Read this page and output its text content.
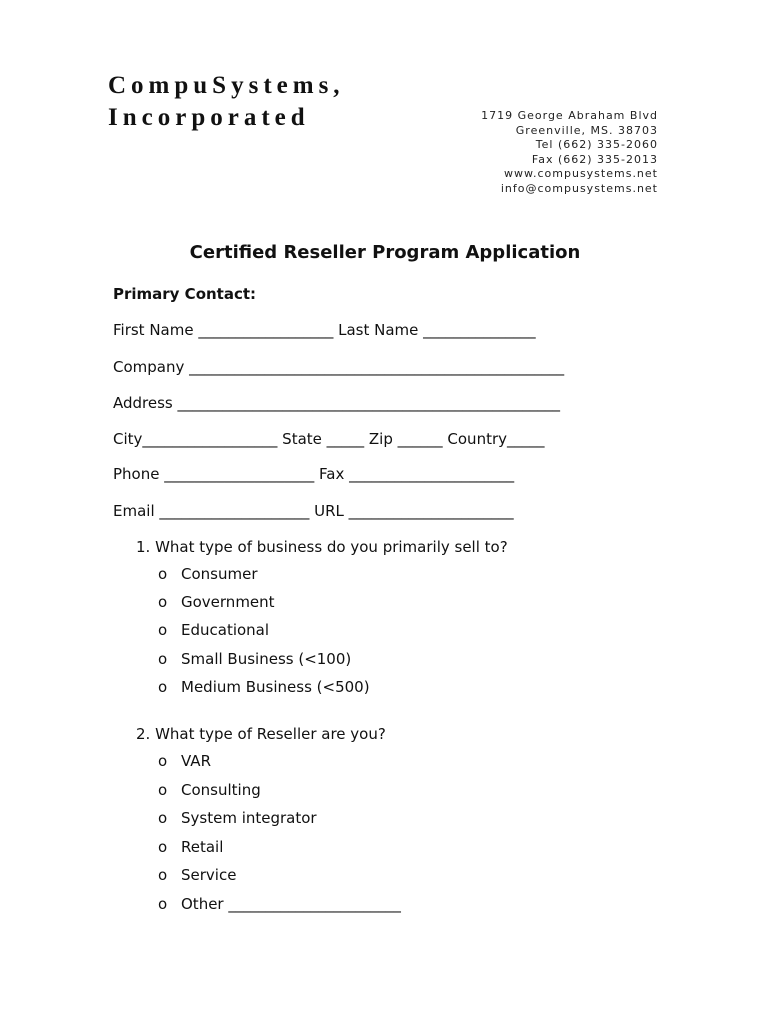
CompuSystems,
Incorporated	1719 George Abraham Blvd
Greenville, MS. 38703
Tel (662) 335-2060
Fax (662) 335-2013
www.compusystems.net
info@compusystems.net
Certified Reseller Program Application
Primary Contact:
First Name __________________ Last Name _______________
Company __________________________________________________
Address ___________________________________________________
City__________________ State _____ Zip ______ Country_____
Phone ____________________ Fax ______________________
Email ____________________ URL ______________________
1. What type of business do you primarily sell to?
o Consumer
o Government
o Educational
o Small Business (<100)
o Medium Business (<500)
2. What type of Reseller are you?
o VAR
o Consulting
o System integrator
o Retail
o Service
o Other _______________________
